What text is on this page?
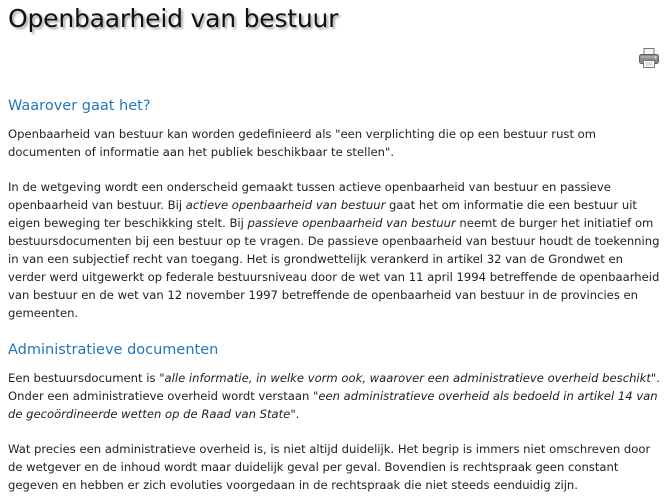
Openbaarheid van bestuur
Waarover gaat het?

Openbaarheid van bestuur kan worden gedefinieerd als "een verplichting die op een bestuur rust om documenten of informatie aan het publiek beschikbaar te stellen".

In de wetgeving wordt een onderscheid gemaakt tussen actieve openbaarheid van bestuur en passieve openbaarheid van bestuur. Bij actieve openbaarheid van bestuur gaat het om informatie die een bestuur uit eigen beweging ter beschikking stelt. Bij passieve openbaarheid van bestuur neemt de burger het initiatief om bestuursdocumenten bij een bestuur op te vragen. De passieve openbaarheid van bestuur houdt de toekenning in van een subjectief recht van toegang. Het is grondwettelijk verankerd in artikel 32 van de Grondwet en verder werd uitgewerkt op federale bestuursniveau door de wet van 11 april 1994 betreffende de openbaarheid van bestuur en de wet van 12 november 1997 betreffende de openbaarheid van bestuur in de provincies en gemeenten.

Administratieve documenten

Een bestuursdocument is "alle informatie, in welke vorm ook, waarover een administratieve overheid beschikt". Onder een administratieve overheid wordt verstaan "een administratieve overheid als bedoeld in artikel 14 van de gecoördineerde wetten op de Raad van State".

Wat precies een administratieve overheid is, is niet altijd duidelijk. Het begrip is immers niet omschreven door de wetgever en de inhoud wordt maar duidelijk geval per geval. Bovendien is rechtspraak geen constant gegeven en hebben er zich evoluties voorgedaan in de rechtspraak die niet steeds eenduidig zijn.
